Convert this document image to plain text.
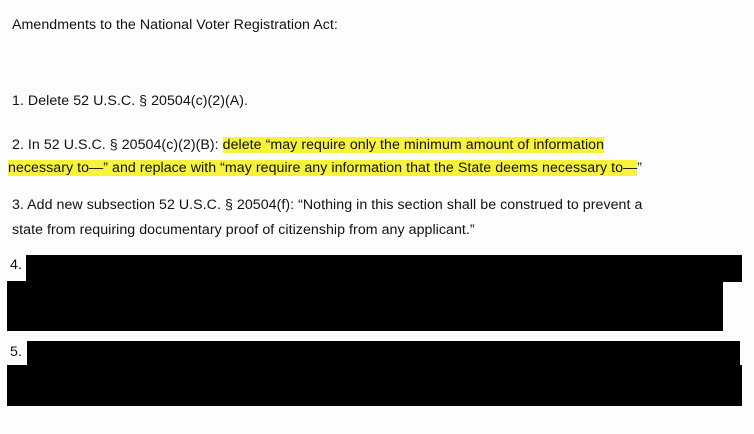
Amendments to the National Voter Registration Act:
1. Delete 52 U.S.C. § 20504(c)(2)(A).
2. In 52 U.S.C. § 20504(c)(2)(B): delete “may require only the minimum amount of information
necessary to—” and replace with “may require any information that the State deems necessary to—”
3. Add new subsection 52 U.S.C. § 20504(f): “Nothing in this section shall be construed to prevent a
state from requiring documentary proof of citizenship from any applicant.”
4.
5.
